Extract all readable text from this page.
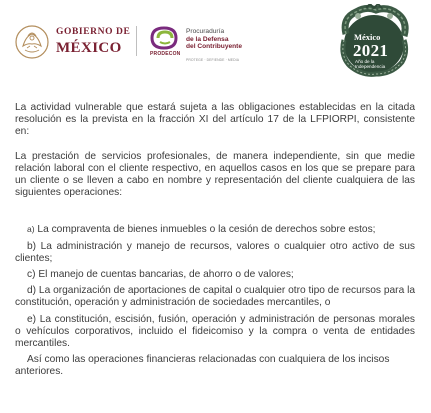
GOBIERNO DE
MÉXICO	PRODECON
Procuraduría
de la Defensa
del Contribuyente
PROTEGE · DEFIENDE · MEDIA
México
2021
Año de la Independencia

La actividad vulnerable que estará sujeta a las obligaciones establecidas en la citada resolución es la prevista en la fracción XI del artículo 17 de la LFPIORPI, consistente en:

La prestación de servicios profesionales, de manera independiente, sin que medie relación laboral con el cliente respectivo, en aquellos casos en los que se prepare para un cliente o se lleven a cabo en nombre y representación del cliente cualquiera de las siguientes operaciones:

a) La compraventa de bienes inmuebles o la cesión de derechos sobre estos;

b) La administración y manejo de recursos, valores o cualquier otro activo de sus clientes;

c) El manejo de cuentas bancarias, de ahorro o de valores;

d) La organización de aportaciones de capital o cualquier otro tipo de recursos para la constitución, operación y administración de sociedades mercantiles, o

e) La constitución, escisión, fusión, operación y administración de personas morales o vehículos corporativos, incluido el fideicomiso y la compra o venta de entidades mercantiles.

Así como las operaciones financieras relacionadas con cualquiera de los incisos anteriores.
